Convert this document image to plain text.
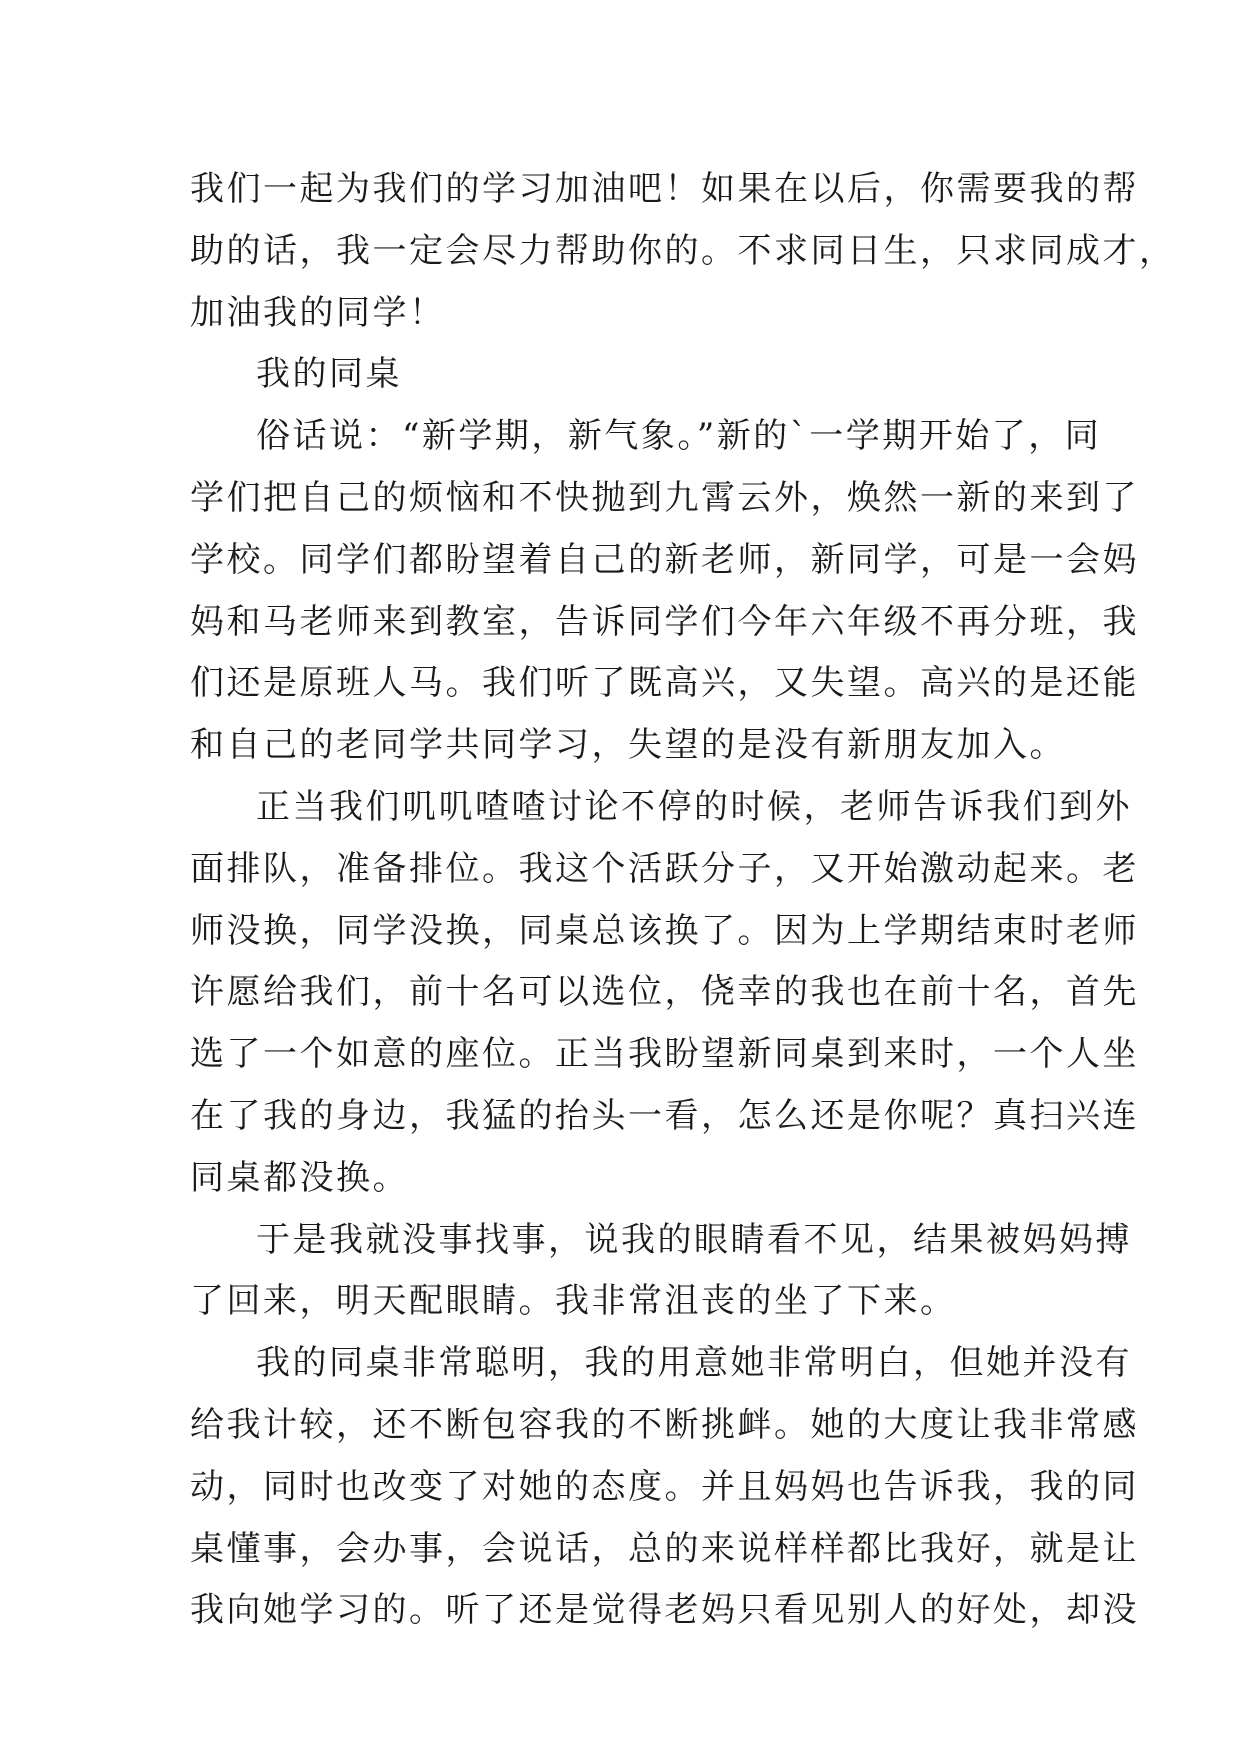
我们一起为我们的学习加油吧！如果在以后，你需要我的帮
助的话，我一定会尽力帮助你的。不求同日生，只求同成才，
加油我的同学！
我的同桌
俗话说：“新学期，新气象。”新的`一学期开始了，同
学们把自己的烦恼和不快抛到九霄云外，焕然一新的来到了
学校。同学们都盼望着自己的新老师，新同学，可是一会妈
妈和马老师来到教室，告诉同学们今年六年级不再分班，我
们还是原班人马。我们听了既高兴，又失望。高兴的是还能
和自己的老同学共同学习，失望的是没有新朋友加入。
正当我们叽叽喳喳讨论不停的时候，老师告诉我们到外
面排队，准备排位。我这个活跃分子，又开始激动起来。老
师没换，同学没换，同桌总该换了。因为上学期结束时老师
许愿给我们，前十名可以选位，侥幸的我也在前十名，首先
选了一个如意的座位。正当我盼望新同桌到来时，一个人坐
在了我的身边，我猛的抬头一看，怎么还是你呢？真扫兴连
同桌都没换。
于是我就没事找事，说我的眼睛看不见，结果被妈妈搏
了回来，明天配眼睛。我非常沮丧的坐了下来。
我的同桌非常聪明，我的用意她非常明白，但她并没有
给我计较，还不断包容我的不断挑衅。她的大度让我非常感
动，同时也改变了对她的态度。并且妈妈也告诉我，我的同
桌懂事，会办事，会说话，总的来说样样都比我好，就是让
我向她学习的。听了还是觉得老妈只看见别人的好处，却没
